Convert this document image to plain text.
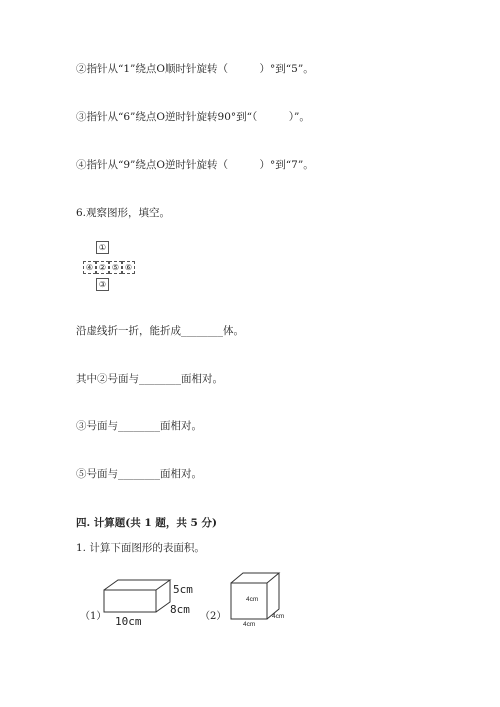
②指针从“1”绕点O顺时针旋转（　　　）°到“5”。
③指针从“6”绕点O逆时针旋转90°到“（　　　）”。
④指针从“9”绕点O逆时针旋转（　　　）°到“7”。
6.观察图形，填空。
①
④ ② ⑤ ⑥
③
沿虚线折一折，能折成________体。
其中②号面与________面相对。
③号面与________面相对。
⑤号面与________面相对。
四. 计算题(共 1 题，共 5 分)
1. 计算下面图形的表面积。
（1）
5cm
8cm
10cm	（2）
4cm
4cm
4cm
